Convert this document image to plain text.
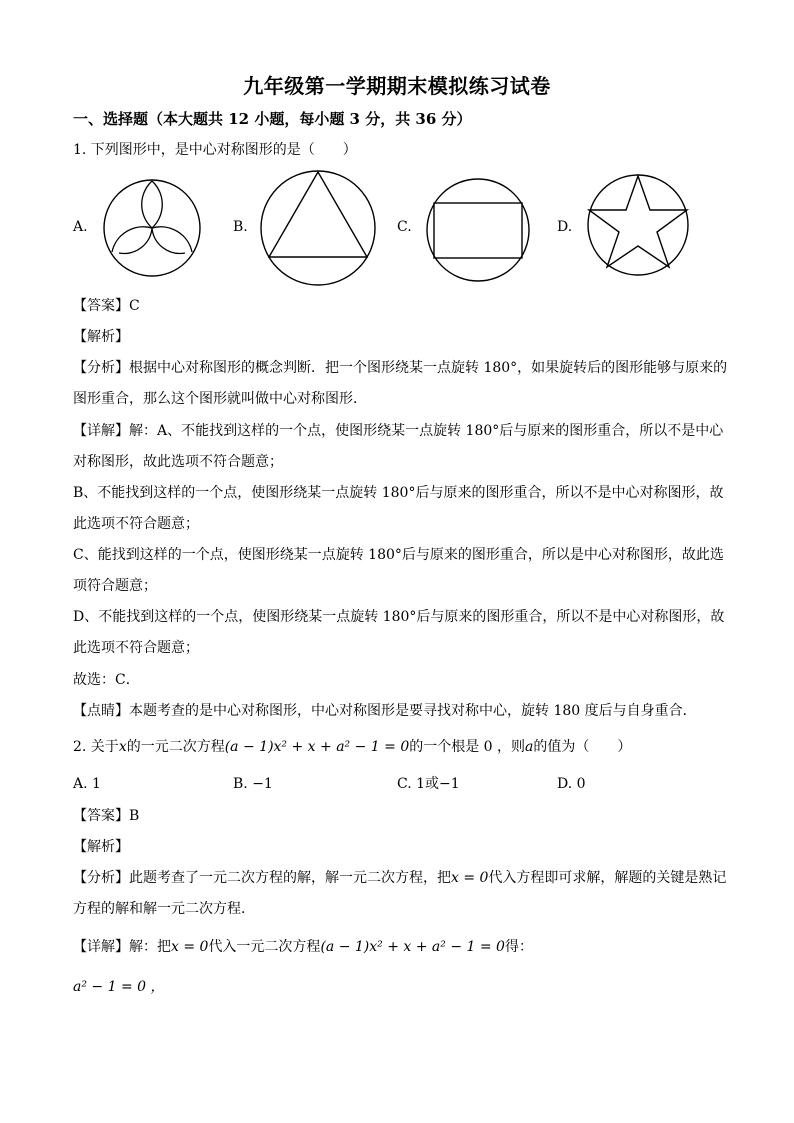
九年级第一学期期末模拟练习试卷
一、选择题（本大题共 12 小题，每小题 3 分，共 36 分）
1. 下列图形中，是中心对称图形的是（　　）
A.	B.	C.	D.
【答案】C
【解析】
【分析】根据中心对称图形的概念判断．把一个图形绕某一点旋转 180°，如果旋转后的图形能够与原来的
图形重合，那么这个图形就叫做中心对称图形．
【详解】解：A、不能找到这样的一个点，使图形绕某一点旋转 180°后与原来的图形重合，所以不是中心
对称图形，故此选项不符合题意；
B、不能找到这样的一个点，使图形绕某一点旋转 180°后与原来的图形重合，所以不是中心对称图形，故
此选项不符合题意；
C、能找到这样的一个点，使图形绕某一点旋转 180°后与原来的图形重合，所以是中心对称图形，故此选
项符合题意；
D、不能找到这样的一个点，使图形绕某一点旋转 180°后与原来的图形重合，所以不是中心对称图形，故
此选项不符合题意；
故选：C．
【点睛】本题考查的是中心对称图形，中心对称图形是要寻找对称中心，旋转 180 度后与自身重合．
2. 关于x的一元二次方程(a − 1)x² + x + a² − 1 = 0的一个根是 0 ，则a的值为（　　）
A. 1	B. −1	C. 1或−1	D. 0
【答案】B
【解析】
【分析】此题考查了一元二次方程的解，解一元二次方程，把x = 0代入方程即可求解，解题的关键是熟记
方程的解和解一元二次方程．
【详解】解：把x = 0代入一元二次方程(a − 1)x² + x + a² − 1 = 0得：
a² − 1 = 0 ，
